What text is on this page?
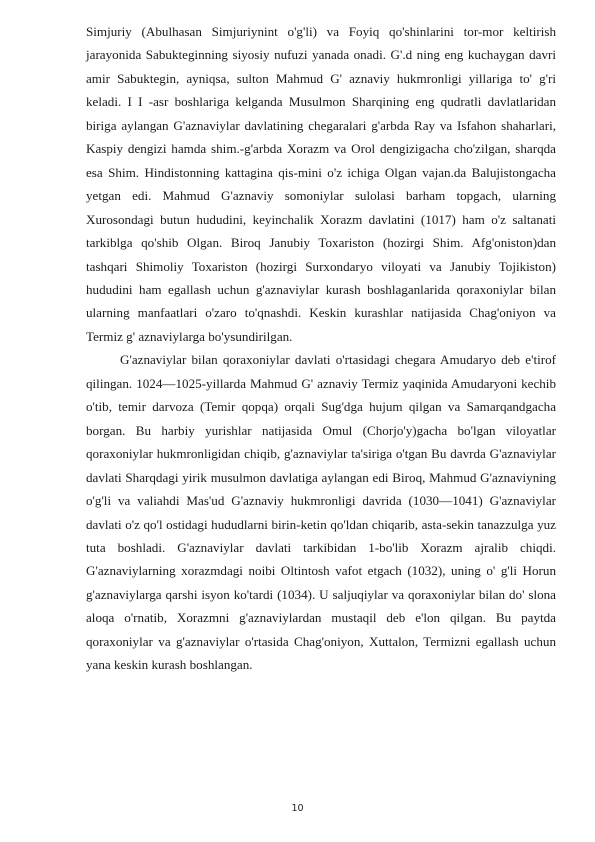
Simjuriy (Abulhasan Simjuriynint o'g'li) va Foyiq qo'shinlarini tor-mor keltirish jarayonida Sabukteginning siyosiy nufuzi yanada onadi. G'.d ning eng kuchaygan davri amir Sabuktegin, ayniqsa, sulton Mahmud G' aznaviy hukmronligi yillariga to' g'ri keladi. I I -asr boshlariga kelganda Musulmon Sharqining eng qudratli davlatlaridan biriga aylangan G'aznaviylar davlatining chegaralari g'arbda Ray va Isfahon shaharlari, Kaspiy dengizi hamda shim.-g'arbda Xorazm va Orol dengizigacha cho'zilgan, sharqda esa Shim. Hindistonning kattagina qis-mini o'z ichiga Olgan vajan.da Balujistongacha yetgan edi. Mahmud G'aznaviy somoniylar sulolasi barham topgach, ularning Xurosondagi butun hududini, keyinchalik Xorazm davlatini (1017) ham o'z saltanati tarkiblga qo'shib Olgan. Biroq Janubiy Toxariston (hozirgi Shim. Afg'oniston)dan tashqari Shimoliy Toxariston (hozirgi Surxondaryo viloyati va Janubiy Tojikiston) hududini ham egallash uchun g'aznaviylar kurash boshlaganlarida qoraxoniylar bilan ularning manfaatlari o'zaro to'qnashdi. Keskin kurashlar natijasida Chag'oniyon va Termiz g' aznaviylarga bo'ysundirilgan.

G'aznaviylar bilan qoraxoniylar davlati o'rtasidagi chegara Amudaryo deb e'tirof qilingan. 1024—1025-yillarda Mahmud G' aznaviy Termiz yaqinida Amudaryoni kechib o'tib, temir darvoza (Temir qopqa) orqali Sug'dga hujum qilgan va Samarqandgacha borgan. Bu harbiy yurishlar natijasida Omul (Chorjo'y)gacha bo'lgan viloyatlar qoraxoniylar hukmronligidan chiqib, g'aznaviylar ta'siriga o'tgan Bu davrda G'aznaviylar davlati Sharqdagi yirik musulmon davlatiga aylangan edi Biroq, Mahmud G'aznaviyning o'g'li va valiahdi Mas'ud G'aznaviy hukmronligi davrida (1030—1041) G'aznaviylar davlati o'z qo'l ostidagi hududlarni birin-ketin qo'ldan chiqarib, asta-sekin tanazzulga yuz tuta boshladi. G'aznaviylar davlati tarkibidan 1-bo'lib Xorazm ajralib chiqdi. G'aznaviylarning xorazmdagi noibi Oltintosh vafot etgach (1032), uning o' g'li Horun g'aznaviylarga qarshi isyon ko'tardi (1034). U saljuqiylar va qoraxoniylar bilan do' slona aloqa o'rnatib, Xorazmni g'aznaviylardan mustaqil deb e'lon qilgan. Bu paytda qoraxoniylar va g'aznaviylar o'rtasida Chag'oniyon, Xuttalon, Termizni egallash uchun yana keskin kurash boshlangan.

10
